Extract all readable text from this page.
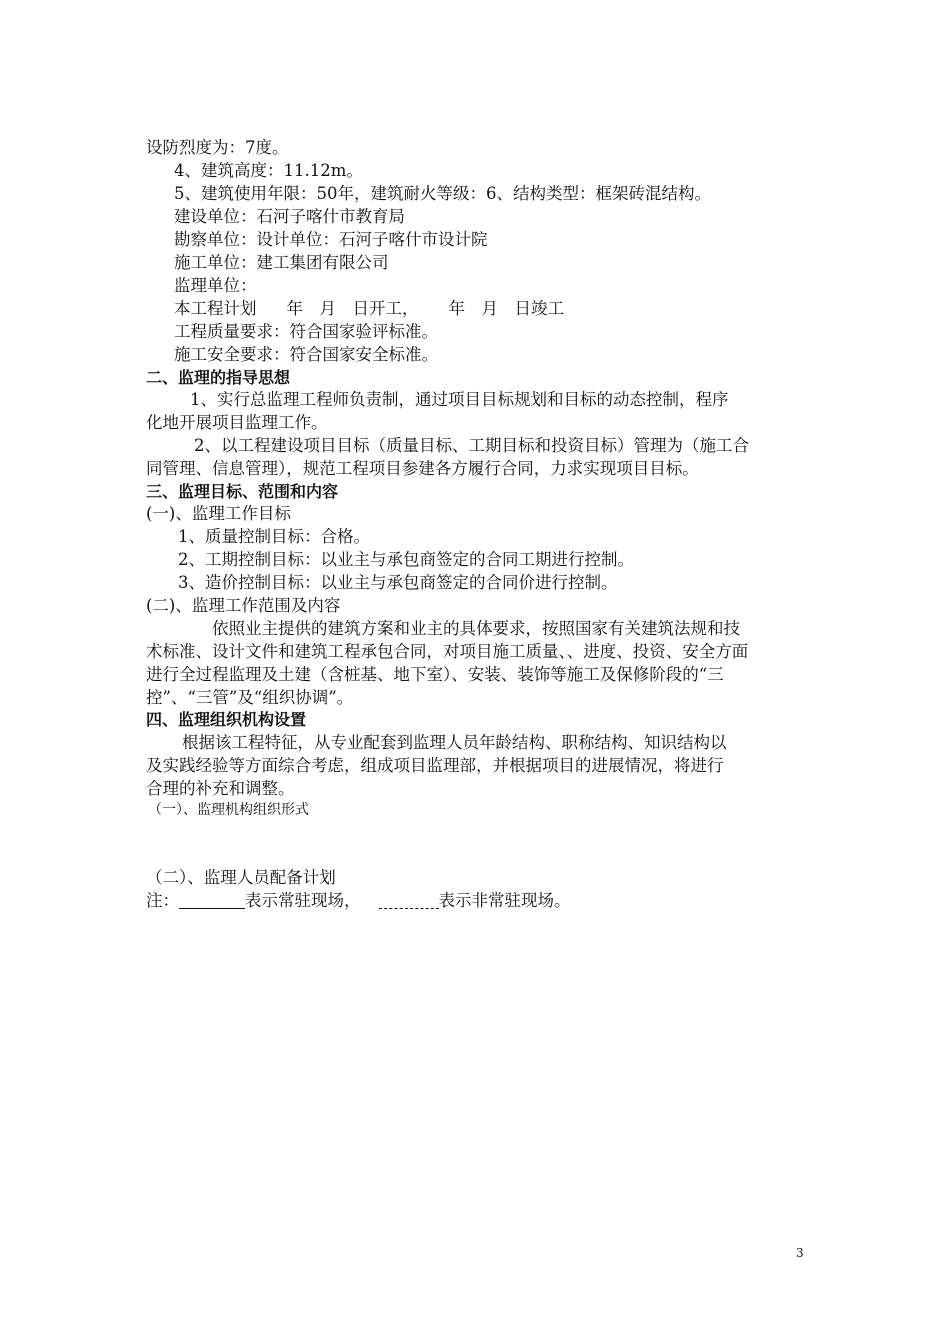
设防烈度为：7度。
4、建筑高度：11.12m。
5、建筑使用年限：50年，建筑耐火等级：6、结构类型：框架砖混结构。
建设单位：石河子喀什市教育局
勘察单位：设计单位：石河子喀什市设计院
施工单位：建工集团有限公司
监理单位：
本工程计划 年　月　日开工， 年　月　日竣工
工程质量要求：符合国家验评标准。
施工安全要求：符合国家安全标准。
二、监理的指导思想
1、实行总监理工程师负责制，通过项目目标规划和目标的动态控制，程序
化地开展项目监理工作。
2、以工程建设项目目标（质量目标、工期目标和投资目标）管理为（施工合
同管理、信息管理），规范工程项目参建各方履行合同，力求实现项目目标。
三、监理目标、范围和内容
(一)、监理工作目标
1、质量控制目标：合格。
2、工期控制目标：以业主与承包商签定的合同工期进行控制。
3、造价控制目标：以业主与承包商签定的合同价进行控制。
(二)、监理工作范围及内容
依照业主提供的建筑方案和业主的具体要求，按照国家有关建筑法规和技
术标准、设计文件和建筑工程承包合同，对项目施工质量、、进度、投资、安全方面
进行全过程监理及土建（含桩基、地下室）、安装、装饰等施工及保修阶段的“三
控”、“三管”及“组织协调”。
四、监理组织机构设置
根据该工程特征，从专业配套到监理人员年龄结构、职称结构、知识结构以
及实践经验等方面综合考虑，组成项目监理部，并根据项目的进展情况，将进行
合理的补充和调整。
（一）、监理机构组织形式
（二）、监理人员配备计划
注：	表示常驻现场，	表示非常驻现场。
3
